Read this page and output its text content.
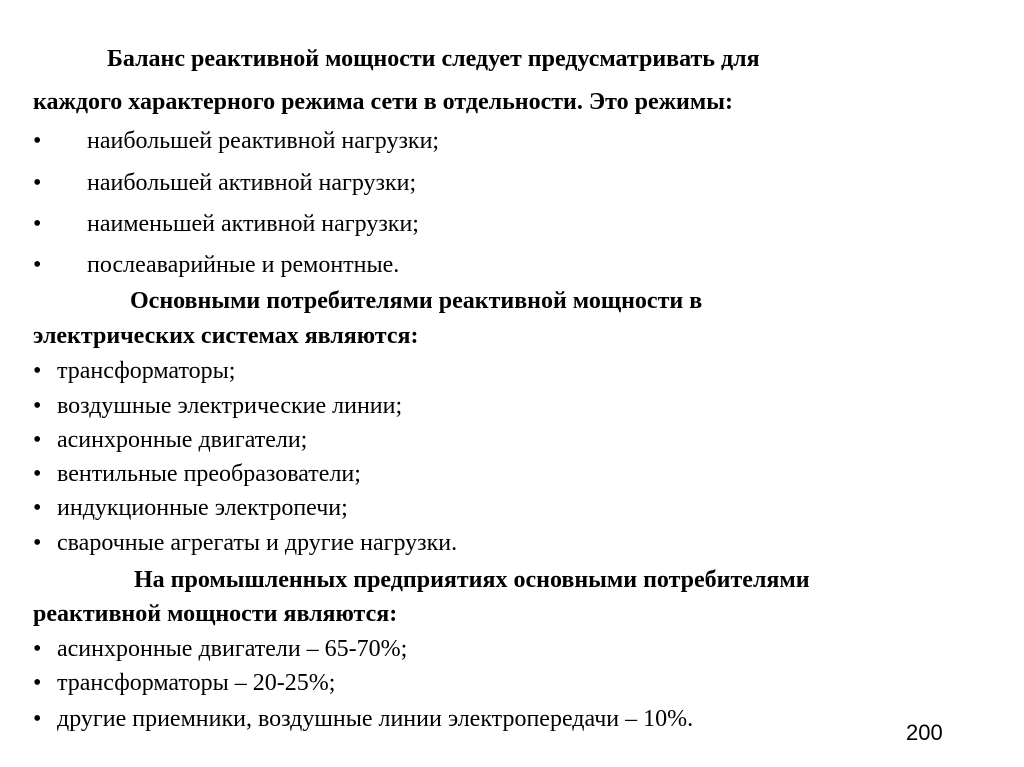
Баланс реактивной мощности следует предусматривать для
каждого характерного режима сети в отдельности. Это режимы:
• наибольшей реактивной нагрузки;
• наибольшей активной нагрузки;
• наименьшей активной нагрузки;
• послеаварийные и ремонтные.
Основными потребителями реактивной мощности в
электрических системах являются:
• трансформаторы;
• воздушные электрические линии;
• асинхронные двигатели;
• вентильные преобразователи;
• индукционные электропечи;
• сварочные агрегаты и другие нагрузки.
На промышленных предприятиях основными потребителями
реактивной мощности являются:
• асинхронные двигатели – 65-70%;
• трансформаторы – 20-25%;
• другие приемники, воздушные линии электропередачи – 10%.
200
